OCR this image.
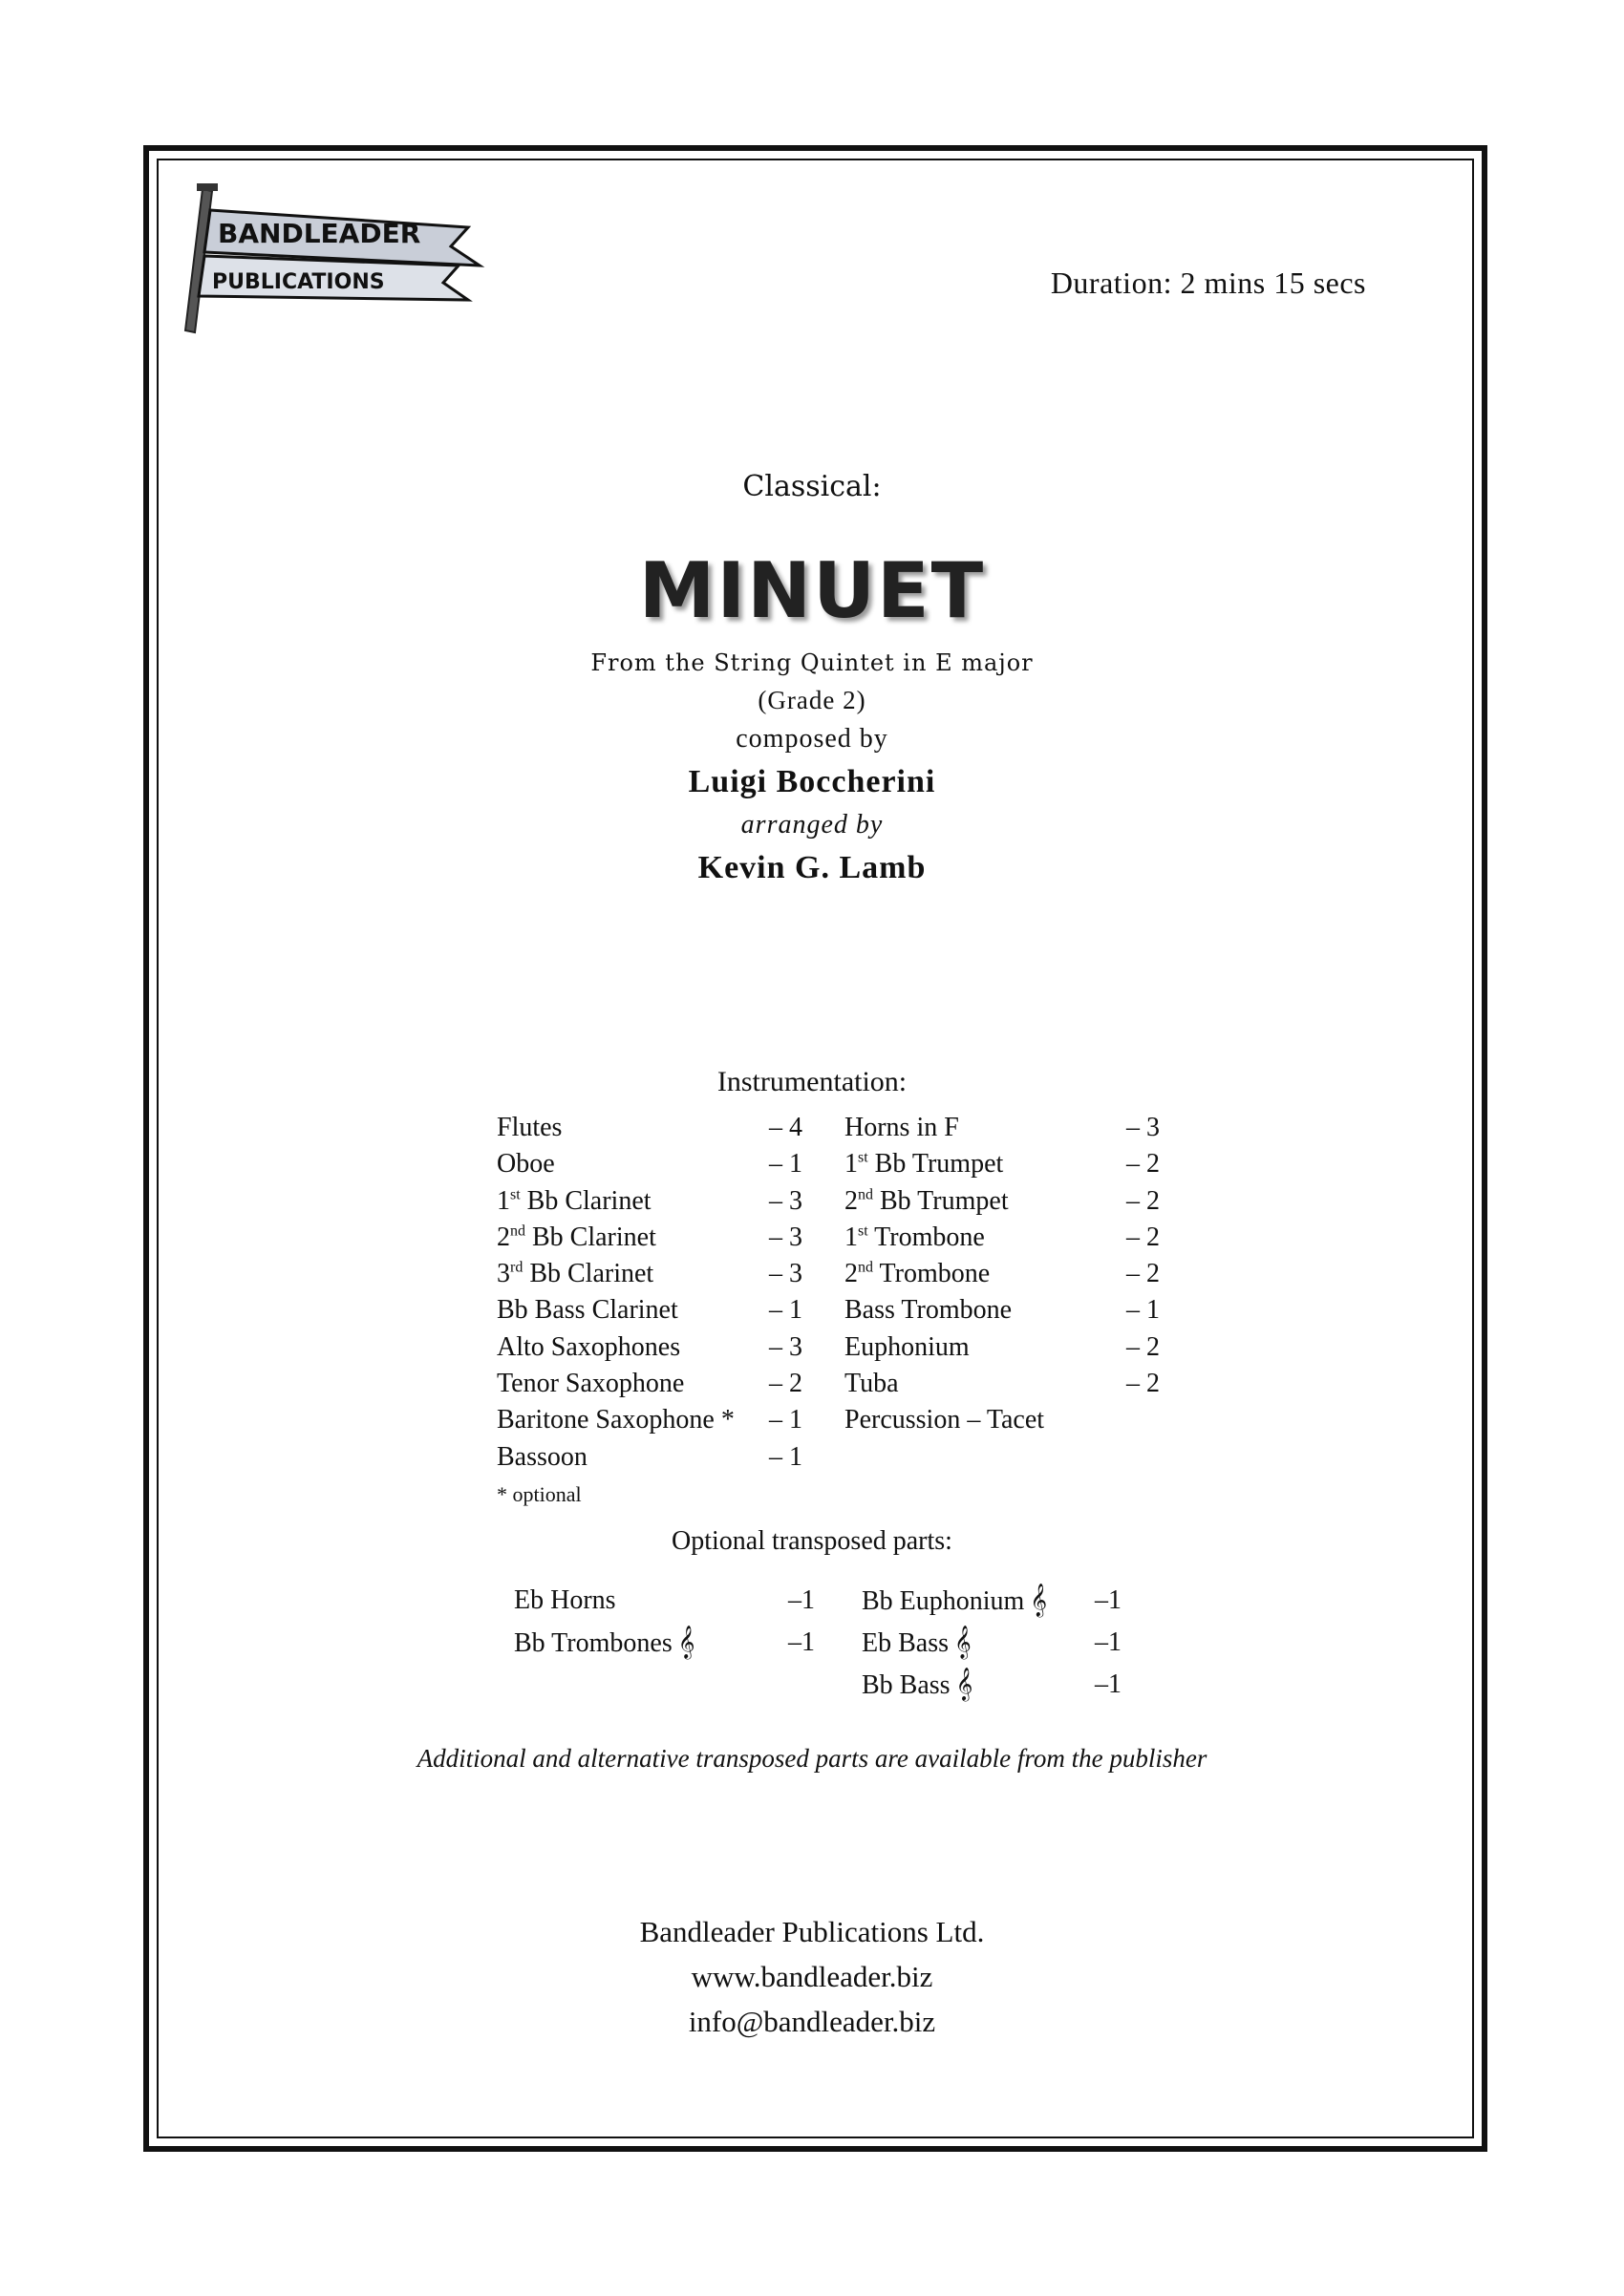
BANDLEADER
PUBLICATIONS	Duration: 2 mins 15 secs
Classical:
MINUET
From the String Quintet in E major
(Grade 2)
composed by
Luigi Boccherini
arranged by
Kevin G. Lamb
Instrumentation:
Flutes	– 4
Oboe	– 1
1st Bb Clarinet	– 3
2nd Bb Clarinet	– 3
3rd Bb Clarinet	– 3
Bb Bass Clarinet	– 1
Alto Saxophones	– 3
Tenor Saxophone	– 2
Baritone Saxophone * – 1
Bassoon	– 1
Horns in F	– 3
1st Bb Trumpet	– 2
2nd Bb Trumpet	– 2
1st Trombone	– 2
2nd Trombone	– 2
Bass Trombone	– 1
Euphonium	– 2
Tuba	– 2
Percussion – Tacet
* optional
Optional transposed parts:
Eb Horns	–1
Bb Trombones 𝄞	–1
Bb Euphonium 𝄞 –1
Eb Bass 𝄞	–1
Bb Bass 𝄞	–1
Additional and alternative transposed parts are available from the publisher
Bandleader Publications Ltd.
www.bandleader.biz
info@bandleader.biz
